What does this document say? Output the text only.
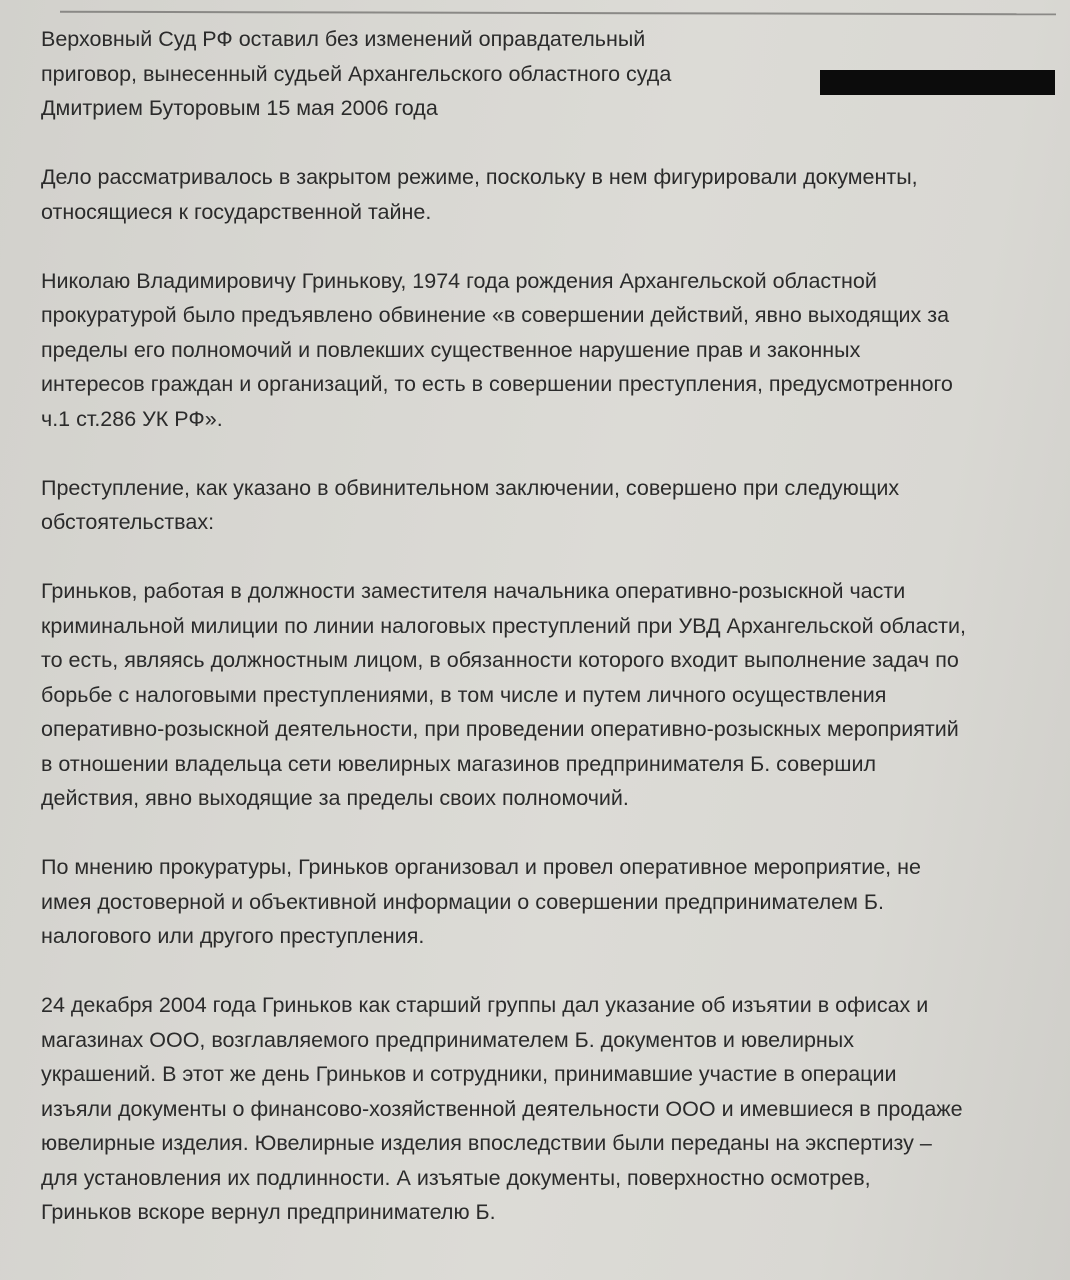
Верховный Суд РФ оставил без изменений оправдательный
приговор, вынесенный судьей Архангельского областного суда
Дмитрием Буторовым 15 мая 2006 года

Дело рассматривалось в закрытом режиме, поскольку в нем фигурировали документы,
относящиеся к государственной тайне.

Николаю Владимировичу Гринькову, 1974 года рождения Архангельской областной
прокуратурой было предъявлено обвинение «в совершении действий, явно выходящих за
пределы его полномочий и повлекших существенное нарушение прав и законных
интересов граждан и организаций, то есть в совершении преступления, предусмотренного
ч.1 ст.286 УК РФ».

Преступление, как указано в обвинительном заключении, совершено при следующих
обстоятельствах:

Гриньков, работая в должности заместителя начальника оперативно-розыскной части
криминальной милиции по линии налоговых преступлений при УВД Архангельской области,
то есть, являясь должностным лицом, в обязанности которого входит выполнение задач по
борьбе с налоговыми преступлениями, в том числе и путем личного осуществления
оперативно-розыскной деятельности, при проведении оперативно-розыскных мероприятий
в отношении владельца сети ювелирных магазинов предпринимателя Б. совершил
действия, явно выходящие за пределы своих полномочий.

По мнению прокуратуры, Гриньков организовал и провел оперативное мероприятие, не
имея достоверной и объективной информации о совершении предпринимателем Б.
налогового или другого преступления.

24 декабря 2004 года Гриньков как старший группы дал указание об изъятии в офисах и
магазинах ООО, возглавляемого предпринимателем Б. документов и ювелирных
украшений. В этот же день Гриньков и сотрудники, принимавшие участие в операции
изъяли документы о финансово-хозяйственной деятельности ООО и имевшиеся в продаже
ювелирные изделия. Ювелирные изделия впоследствии были переданы на экспертизу –
для установления их подлинности. А изъятые документы, поверхностно осмотрев,
Гриньков вскоре вернул предпринимателю Б.
